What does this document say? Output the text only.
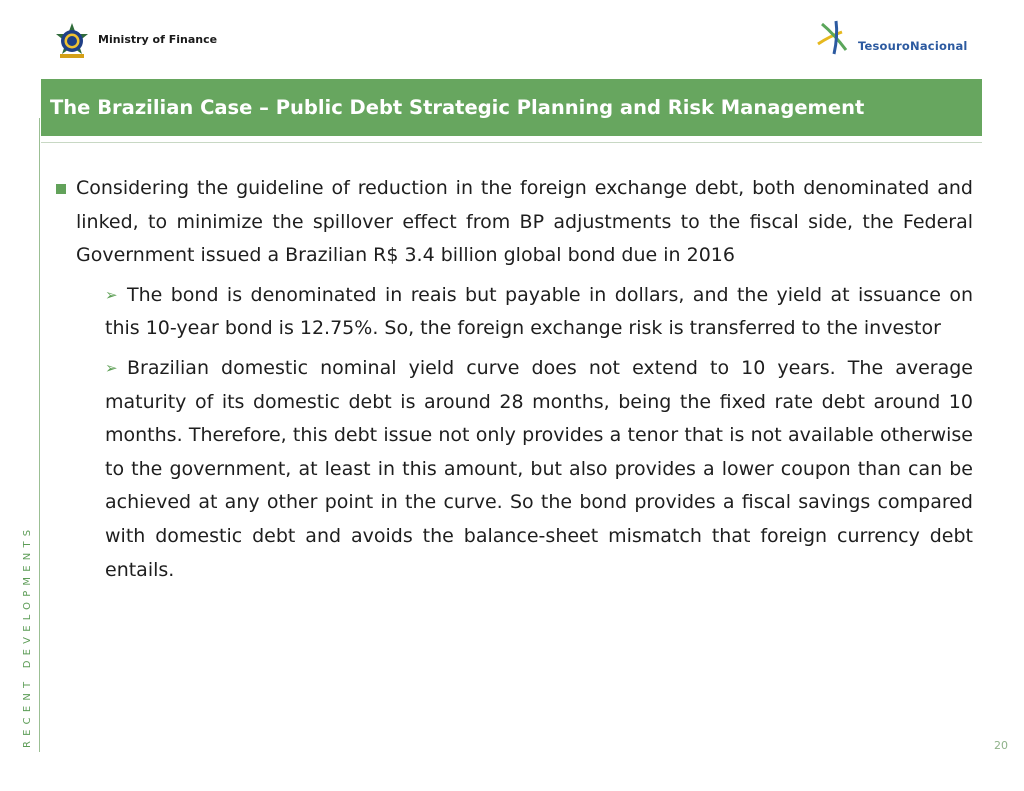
Ministry of Finance	TesouroNacional
The Brazilian Case – Public Debt Strategic Planning and Risk Management
RECENT DEVELOPMENTS

Considering the guideline of reduction in the foreign exchange debt, both denominated and linked, to minimize the spillover effect from BP adjustments to the fiscal side, the Federal Government issued a Brazilian R$ 3.4 billion global bond due in 2016

➢ The bond is denominated in reais but payable in dollars, and the yield at issuance on this 10-year bond is 12.75%. So, the foreign exchange risk is transferred to the investor

➢ Brazilian domestic nominal yield curve does not extend to 10 years. The average maturity of its domestic debt is around 28 months, being the fixed rate debt around 10 months. Therefore, this debt issue not only provides a tenor that is not available otherwise to the government, at least in this amount, but also provides a lower coupon than can be achieved at any other point in the curve. So the bond provides a fiscal savings compared with domestic debt and avoids the balance-sheet mismatch that foreign currency debt entails.

20
